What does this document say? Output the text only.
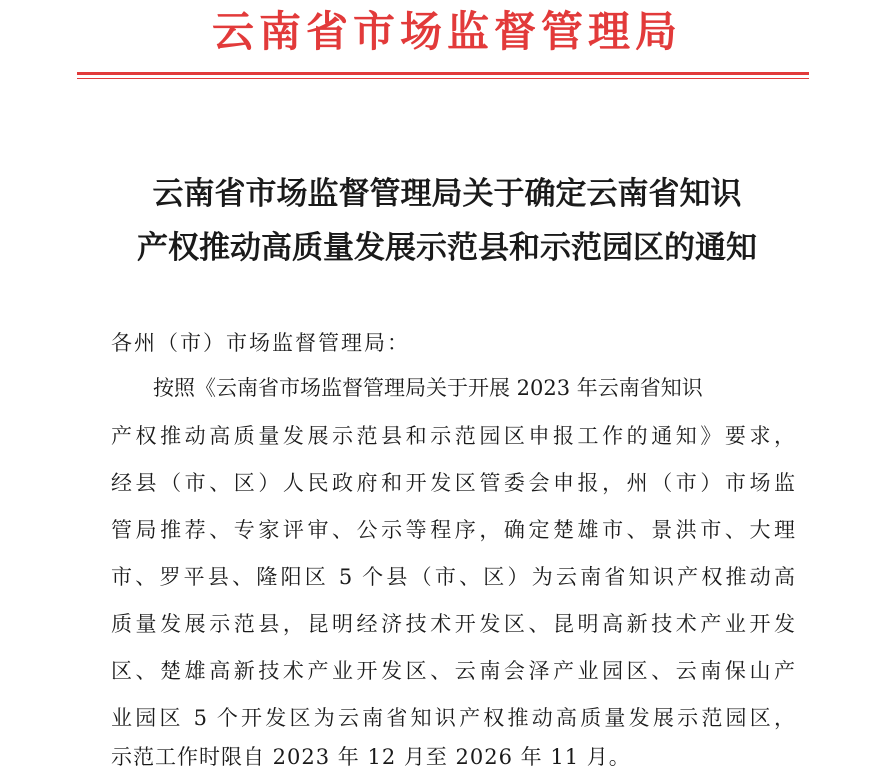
云南省市场监督管理局
云南省市场监督管理局关于确定云南省知识
产权推动高质量发展示范县和示范园区的通知
各州（市）市场监督管理局：
按照《云南省市场监督管理局关于开展 2023 年云南省知识
产权推动高质量发展示范县和示范园区申报工作的通知》要求，
经县（市、区）人民政府和开发区管委会申报，州（市）市场监
管局推荐、专家评审、公示等程序，确定楚雄市、景洪市、大理
市、罗平县、隆阳区 5 个县（市、区）为云南省知识产权推动高
质量发展示范县，昆明经济技术开发区、昆明高新技术产业开发
区、楚雄高新技术产业开发区、云南会泽产业园区、云南保山产
业园区 5 个开发区为云南省知识产权推动高质量发展示范园区，
示范工作时限自 2023 年 12 月至 2026 年 11 月。
